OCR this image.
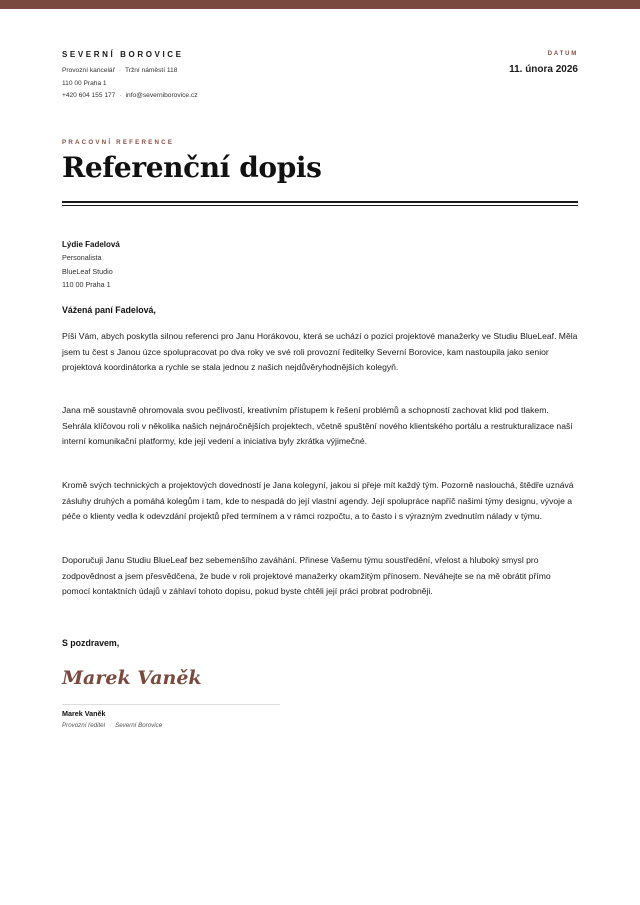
SEVERNÍ BOROVICE
Provozní kancelář · Tržní náměstí 118
110 00 Praha 1
+420 604 155 177 · info@severniborovice.cz
DATUM
11. února 2026
PRACOVNÍ REFERENCE
Referenční dopis
Lýdie Fadelová
Personalista
BlueLeaf Studio
110 00 Praha 1
Vážená paní Fadelová,

Píši Vám, abych poskytla silnou referenci pro Janu Horákovou, která se uchází o pozici projektové manažerky ve Studiu BlueLeaf. Měla jsem tu čest s Janou úzce spolupracovat po dva roky ve své roli provozní ředitelky Severní Borovice, kam nastoupila jako senior projektová koordinátorka a rychle se stala jednou z našich nejdůvěryhodnějších kolegyň.

Jana mě soustavně ohromovala svou pečlivostí, kreativním přístupem k řešení problémů a schopností zachovat klid pod tlakem. Sehrála klíčovou roli v několika našich nejnáročnějších projektech, včetně spuštění nového klientského portálu a restrukturalizace naší interní komunikační platformy, kde její vedení a iniciativa byly zkrátka výjimečné.

Kromě svých technických a projektových dovedností je Jana kolegyní, jakou si přeje mít každý tým. Pozorně naslouchá, štědře uznává zásluhy druhých a pomáhá kolegům i tam, kde to nespadá do její vlastní agendy. Její spolupráce napříč našimi týmy designu, vývoje a péče o klienty vedla k odevzdání projektů před termínem a v rámci rozpočtu, a to často i s výrazným zvednutím nálady v týmu.

Doporučuji Janu Studiu BlueLeaf bez sebemenšího zaváhání. Přinese Vašemu týmu soustředění, vřelost a hluboký smysl pro zodpovědnost a jsem přesvědčena, že bude v roli projektové manažerky okamžitým přínosem. Neváhejte se na mě obrátit přímo pomocí kontaktních údajů v záhlaví tohoto dopisu, pokud byste chtěli její práci probrat podrobněji.

S pozdravem,
Marek Vaněk
Marek Vaněk
Provozní ředitel · Severní Borovice
